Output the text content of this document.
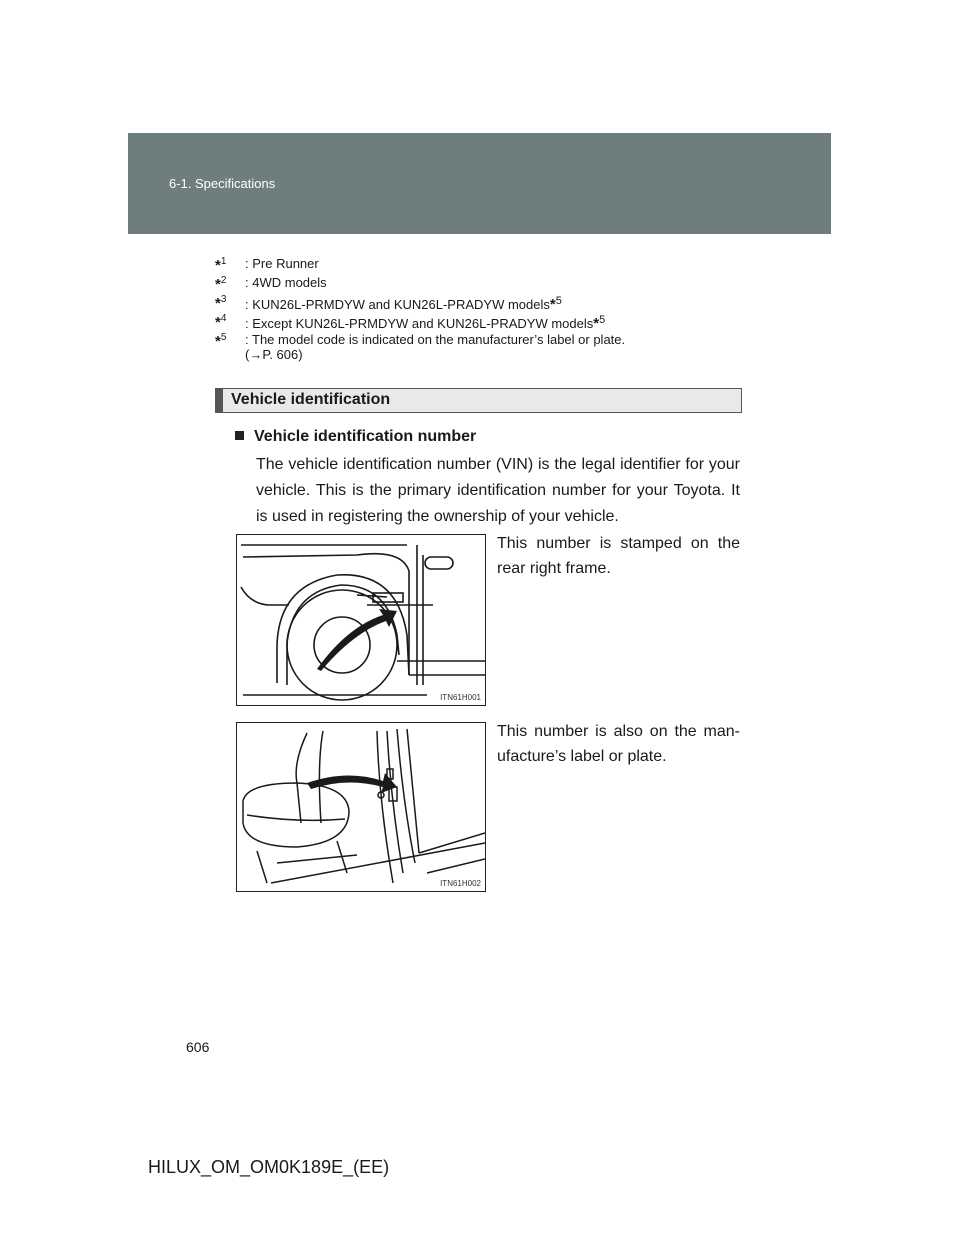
6-1. Specifications
*$^1$ : Pre Runner
*$^2$ : 4WD models
*$^3$ : KUN26L-PRMDYW and KUN26L-PRADYW models*$^5$
*$^4$ : Except KUN26L-PRMDYW and KUN26L-PRADYW models*$^5$
*$^5$ : The model code is indicated on the manufacturer’s label or plate.
(→P. 606)
Vehicle identification
Vehicle identification number
The vehicle identification number (VIN) is the legal identifier for your vehicle. This is the primary identification number for your Toyota. It is used in registering the ownership of your vehicle.
ITN61H001
This number is stamped on the rear right frame.
ITN61H002
This number is also on the man-ufacture’s label or plate.
606
HILUX_OM_OM0K189E_(EE)
